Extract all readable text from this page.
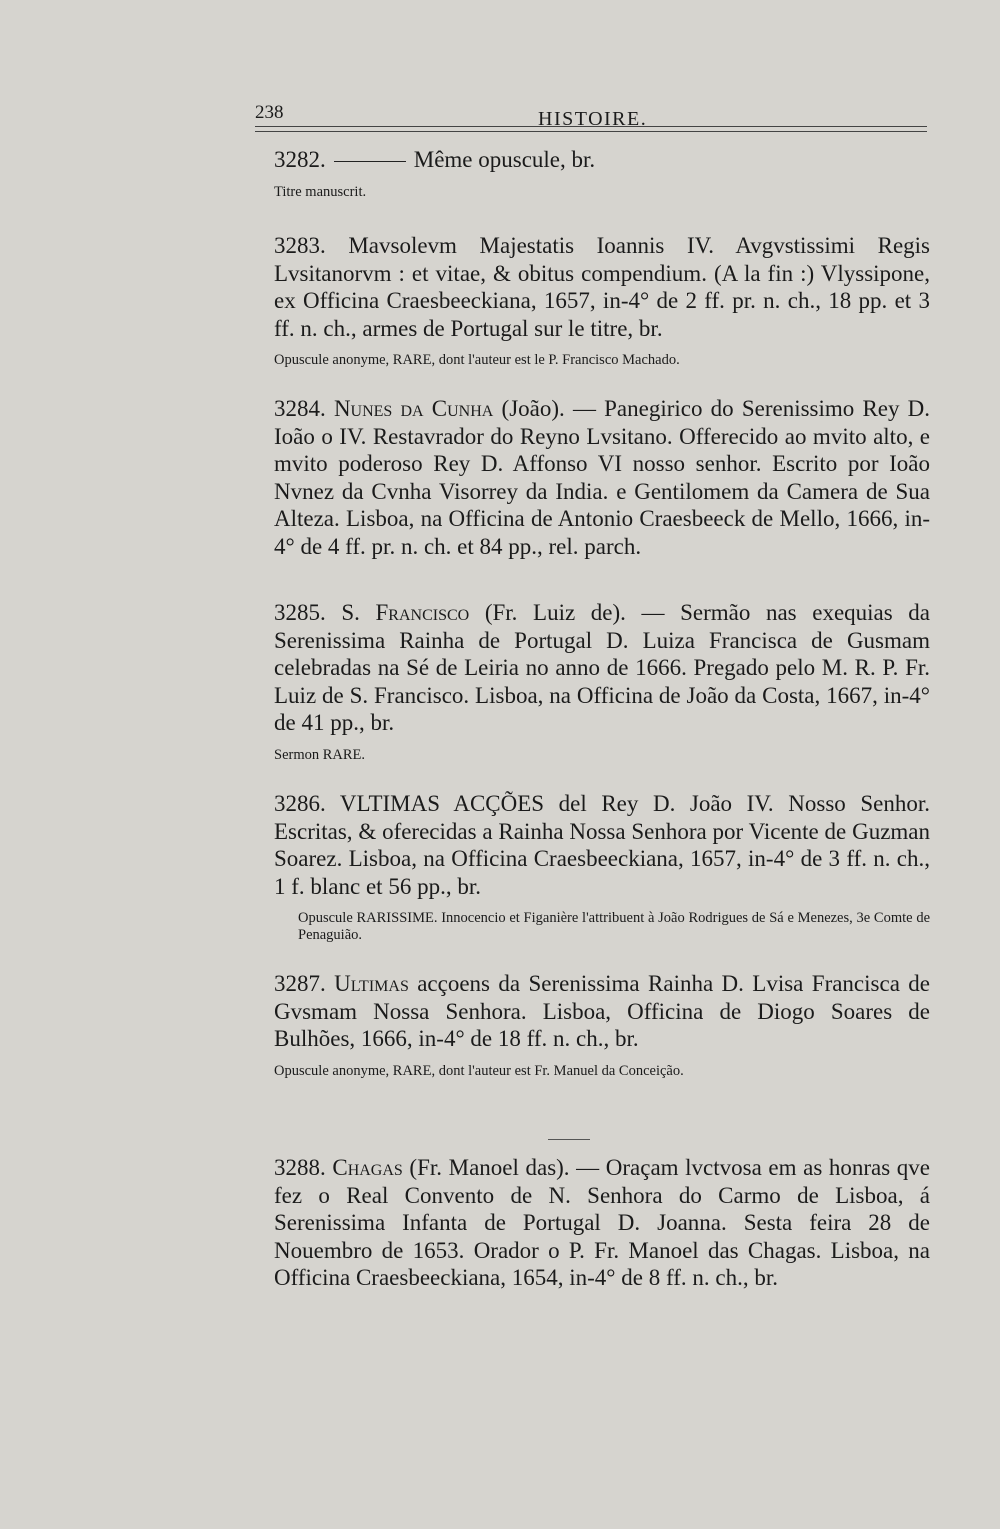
238	HISTOIRE.

3282.	Même opuscule, br.

Titre manuscrit.

3283. Mavsolevm Majestatis Ioannis IV. Avgvstissimi Regis Lvsitanorvm : et vitae, & obitus compendium. (A la fin :) Vlyssipone, ex Officina Craesbeeckiana, 1657, in-4° de 2 ff. pr. n. ch., 18 pp. et 3 ff. n. ch., armes de Portugal sur le titre, br.

Opuscule anonyme, RARE, dont l'auteur est le P. Francisco Machado.

3284. Nunes da Cunha (João). — Panegirico do Serenissimo Rey D. Ioão o IV. Restavrador do Reyno Lvsitano. Offerecido ao mvito alto, e mvito poderoso Rey D. Affonso VI nosso senhor. Escrito por Ioão Nvnez da Cvnha Visorrey da India. e Gentilomem da Camera de Sua Alteza. Lisboa, na Officina de Antonio Craesbeeck de Mello, 1666, in-4° de 4 ff. pr. n. ch. et 84 pp., rel. parch.

3285. S. Francisco (Fr. Luiz de). — Sermão nas exequias da Serenissima Rainha de Portugal D. Luiza Francisca de Gusmam celebradas na Sé de Leiria no anno de 1666. Pregado pelo M. R. P. Fr. Luiz de S. Francisco. Lisboa, na Officina de João da Costa, 1667, in-4° de 41 pp., br.

Sermon RARE.

3286. VLTIMAS ACÇÕES del Rey D. João IV. Nosso Senhor. Escritas, & oferecidas a Rainha Nossa Senhora por Vicente de Guzman Soarez. Lisboa, na Officina Craesbeeckiana, 1657, in-4° de 3 ff. n. ch., 1 f. blanc et 56 pp., br.

Opuscule RARISSIME. Innocencio et Figanière l'attribuent à João Rodrigues de Sá e Menezes, 3e Comte de Penaguião.

3287. Ultimas acçoens da Serenissima Rainha D. Lvisa Francisca de Gvsmam Nossa Senhora. Lisboa, Officina de Diogo Soares de Bulhões, 1666, in-4° de 18 ff. n. ch., br.

Opuscule anonyme, RARE, dont l'auteur est Fr. Manuel da Conceição.

3288. Chagas (Fr. Manoel das). — Oraçam lvctvosa em as honras qve fez o Real Convento de N. Senhora do Carmo de Lisboa, á Serenissima Infanta de Portugal D. Joanna. Sesta feira 28 de Nouembro de 1653. Orador o P. Fr. Manoel das Chagas. Lisboa, na Officina Craesbeeckiana, 1654, in-4° de 8 ff. n. ch., br.
